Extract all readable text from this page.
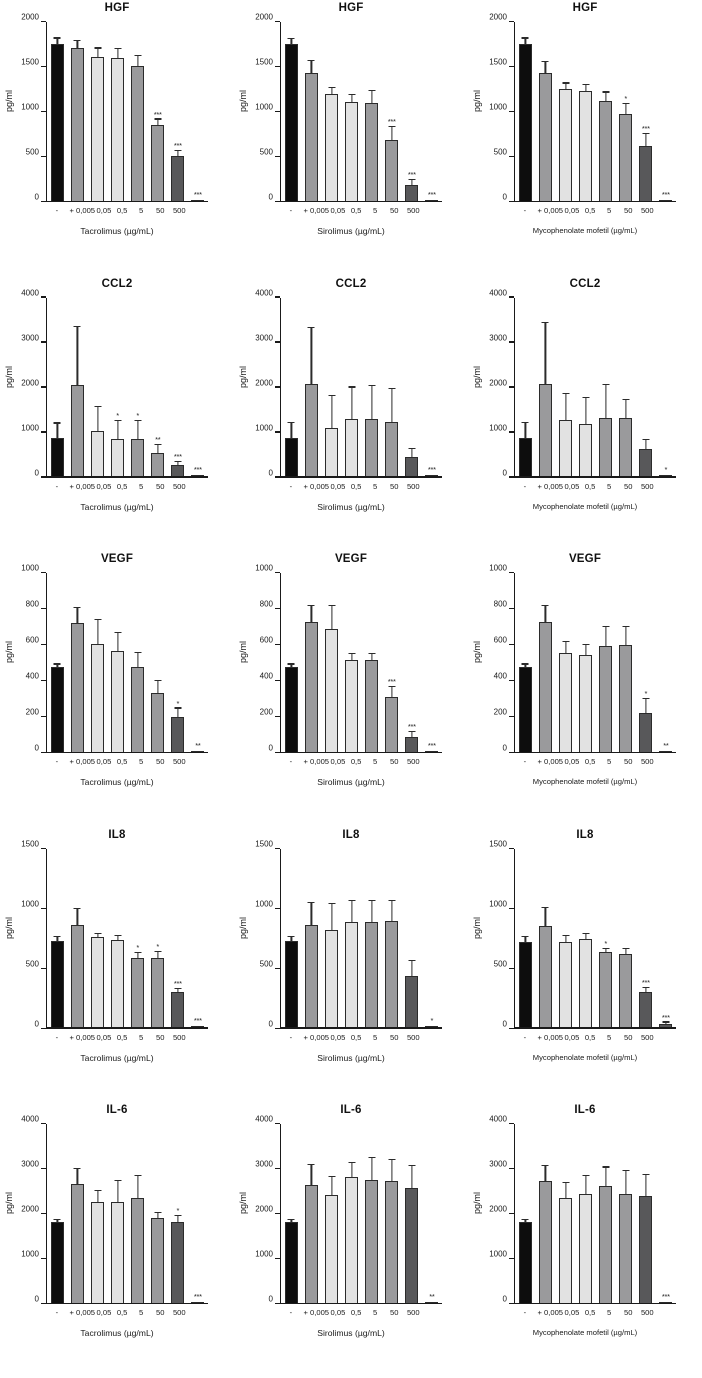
HGF
pg/ml
0
500
1000
1500
2000
***
***
***
-	+ 0,005 0,05 0,5	5	50	500
Tacrolimus (µg/mL)
HGF
pg/ml
0
500
1000
1500
2000
***
***
***
-	+ 0,005 0,05 0,5	5	50	500
Sirolimus (µg/mL)
HGF
pg/ml
0
500
1000
1500
2000
*
***
***
-	+ 0,005 0,05 0,5	5	50	500
Mycophenolate mofetil (µg/mL)
CCL2
pg/ml
0
1000
2000
3000
4000
* *
**
***
***
-	+ 0,005 0,05 0,5	5	50	500
Tacrolimus (µg/mL)
CCL2
pg/ml
0
1000
2000
3000
4000
***
-	+ 0,005 0,05 0,5	5	50	500
Sirolimus (µg/mL)
CCL2
pg/ml
0
1000
2000
3000
4000
*
-	+ 0,005 0,05 0,5	5	50	500
Mycophenolate mofetil (µg/mL)
VEGF
pg/ml
0
200
400
600
800
1000
*
**
-	+ 0,005 0,05 0,5	5	50	500
Tacrolimus (µg/mL)
VEGF
pg/ml
0
200
400
600
800
1000
***
***
***
-	+ 0,005 0,05 0,5	5	50	500
Sirolimus (µg/mL)
VEGF
pg/ml
0
200
400
600
800
1000
*
**
-	+ 0,005 0,05 0,5	5	50	500
Mycophenolate mofetil (µg/mL)
IL8
pg/ml
0
500
1000
1500
* *
***
***
-	+ 0,005 0,05 0,5	5	50	500
Tacrolimus (µg/mL)
IL8
pg/ml
0
500
1000
1500
*
-	+ 0,005 0,05 0,5	5	50	500
Sirolimus (µg/mL)
IL8
pg/ml
0
500
1000
1500
*
***
***
-	+ 0,005 0,05 0,5	5	50	500
Mycophenolate mofetil (µg/mL)
IL-6
pg/ml
0
1000
2000
3000
4000
*
***
-	+ 0,005 0,05 0,5	5	50	500
Tacrolimus (µg/mL)
IL-6
pg/ml
0
1000
2000
3000
4000
**
-	+ 0,005 0,05 0,5	5	50	500
Sirolimus (µg/mL)
IL-6
pg/ml
0
1000
2000
3000
4000
***
-	+ 0,005 0,05 0,5	5	50	500
Mycophenolate mofetil (µg/mL)
